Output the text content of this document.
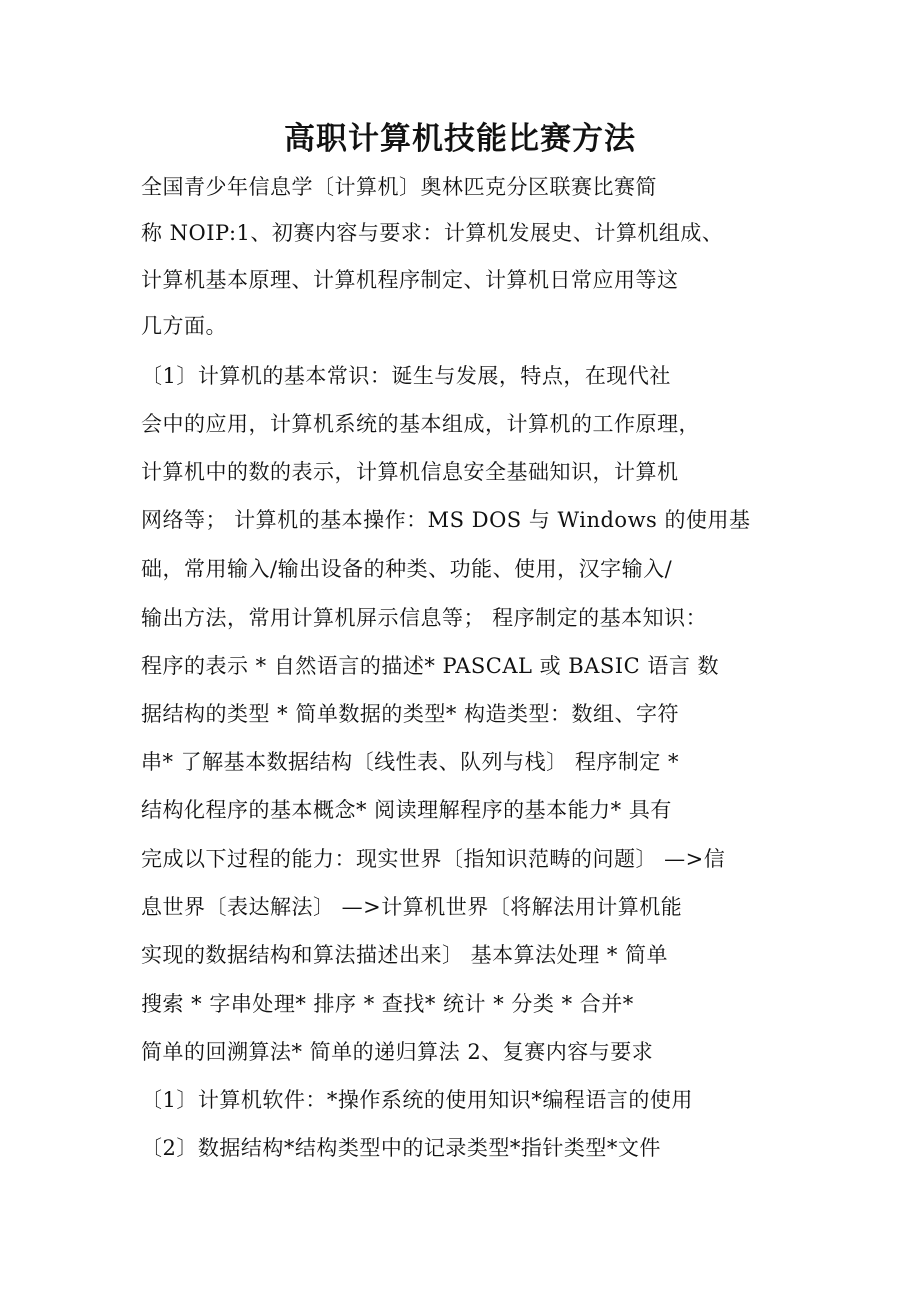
高职计算机技能比赛方法
全国青少年信息学〔计算机〕奥林匹克分区联赛比赛简
称 NOIP:1、初赛内容与要求：计算机发展史、计算机组成、
计算机基本原理、计算机程序制定、计算机日常应用等这
几方面。
〔1〕计算机的基本常识：诞生与发展，特点，在现代社
会中的应用，计算机系统的基本组成，计算机的工作原理，
计算机中的数的表示，计算机信息安全基础知识，计算机
网络等； 计算机的基本操作：MS DOS 与 Windows 的使用基
础，常用输入/输出设备的种类、功能、使用，汉字输入/
输出方法，常用计算机屏示信息等； 程序制定的基本知识：
程序的表示 * 自然语言的描述* PASCAL 或 BASIC 语言 数
据结构的类型 * 简单数据的类型* 构造类型：数组、字符
串* 了解基本数据结构〔线性表、队列与栈〕 程序制定 *
结构化程序的基本概念* 阅读理解程序的基本能力* 具有
完成以下过程的能力：现实世界〔指知识范畴的问题〕 —>信
息世界〔表达解法〕 —>计算机世界〔将解法用计算机能
实现的数据结构和算法描述出来〕 基本算法处理 * 简单
搜索 * 字串处理* 排序 * 查找* 统计 * 分类 * 合并*
简单的回溯算法* 简单的递归算法 2、复赛内容与要求
〔1〕计算机软件：*操作系统的使用知识*编程语言的使用
〔2〕数据结构*结构类型中的记录类型*指针类型*文件
